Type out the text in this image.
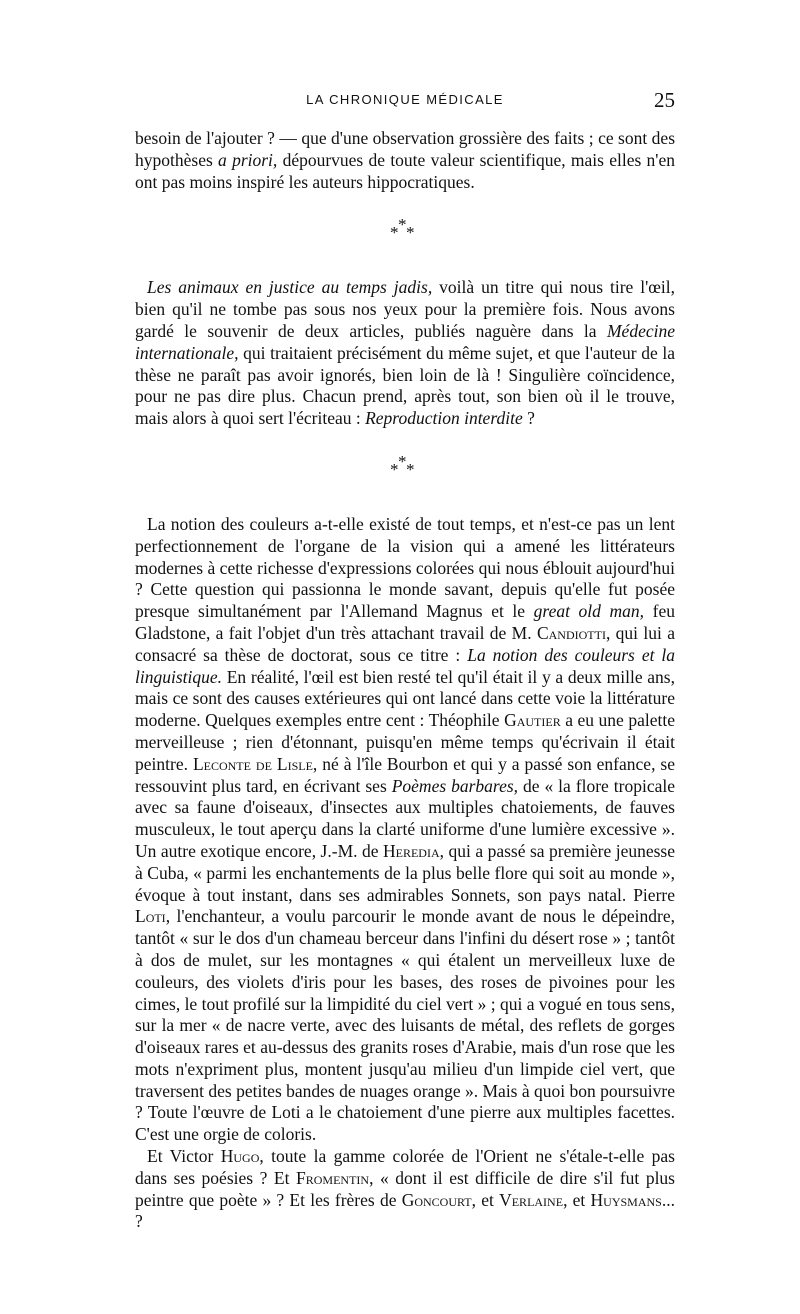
LA CHRONIQUE MÉDICALE	25

besoin de l'ajouter ? — que d'une observation grossière des faits ; ce sont des hypothèses a priori, dépourvues de toute valeur scientifique, mais elles n'en ont pas moins inspiré les auteurs hippocratiques.

* * *

Les animaux en justice au temps jadis, voilà un titre qui nous tire l'œil, bien qu'il ne tombe pas sous nos yeux pour la première fois. Nous avons gardé le souvenir de deux articles, publiés naguère dans la Médecine internationale, qui traitaient précisément du même sujet, et que l'auteur de la thèse ne paraît pas avoir ignorés, bien loin de là ! Singulière coïncidence, pour ne pas dire plus. Chacun prend, après tout, son bien où il le trouve, mais alors à quoi sert l'écriteau : Reproduction interdite ?

* * *

La notion des couleurs a-t-elle existé de tout temps, et n'est-ce pas un lent perfectionnement de l'organe de la vision qui a amené les littérateurs modernes à cette richesse d'expressions colorées qui nous éblouit aujourd'hui ? Cette question qui passionna le monde savant, depuis qu'elle fut posée presque simultanément par l'Allemand Magnus et le great old man, feu Gladstone, a fait l'objet d'un très attachant travail de M. Candiotti, qui lui a consacré sa thèse de doctorat, sous ce titre : La notion des couleurs et la linguistique. En réalité, l'œil est bien resté tel qu'il était il y a deux mille ans, mais ce sont des causes extérieures qui ont lancé dans cette voie la littérature moderne. Quelques exemples entre cent : Théophile Gautier a eu une palette merveilleuse ; rien d'étonnant, puisqu'en même temps qu'écrivain il était peintre. Leconte de Lisle, né à l'île Bourbon et qui y a passé son enfance, se ressouvint plus tard, en écrivant ses Poèmes barbares, de « la flore tropicale avec sa faune d'oiseaux, d'insectes aux multiples chatoiements, de fauves musculeux, le tout aperçu dans la clarté uniforme d'une lumière excessive ». Un autre exotique encore, J.-M. de Heredia, qui a passé sa première jeunesse à Cuba, « parmi les enchantements de la plus belle flore qui soit au monde », évoque à tout instant, dans ses admirables Sonnets, son pays natal. Pierre Loti, l'enchanteur, a voulu parcourir le monde avant de nous le dépeindre, tantôt « sur le dos d'un chameau berceur dans l'infini du désert rose » ; tantôt à dos de mulet, sur les montagnes « qui étalent un merveilleux luxe de couleurs, des violets d'iris pour les bases, des roses de pivoines pour les cimes, le tout profilé sur la limpidité du ciel vert » ; qui a vogué en tous sens, sur la mer « de nacre verte, avec des luisants de métal, des reflets de gorges d'oiseaux rares et au-dessus des granits roses d'Arabie, mais d'un rose que les mots n'expriment plus, montent jusqu'au milieu d'un limpide ciel vert, que traversent des petites bandes de nuages orange ». Mais à quoi bon poursuivre ? Toute l'œuvre de Loti a le chatoiement d'une pierre aux multiples facettes. C'est une orgie de coloris.

Et Victor Hugo, toute la gamme colorée de l'Orient ne s'étale-t-elle pas dans ses poésies ? Et Fromentin, « dont il est difficile de dire s'il fut plus peintre que poète » ? Et les frères de Goncourt, et Verlaine, et Huysmans... ?
